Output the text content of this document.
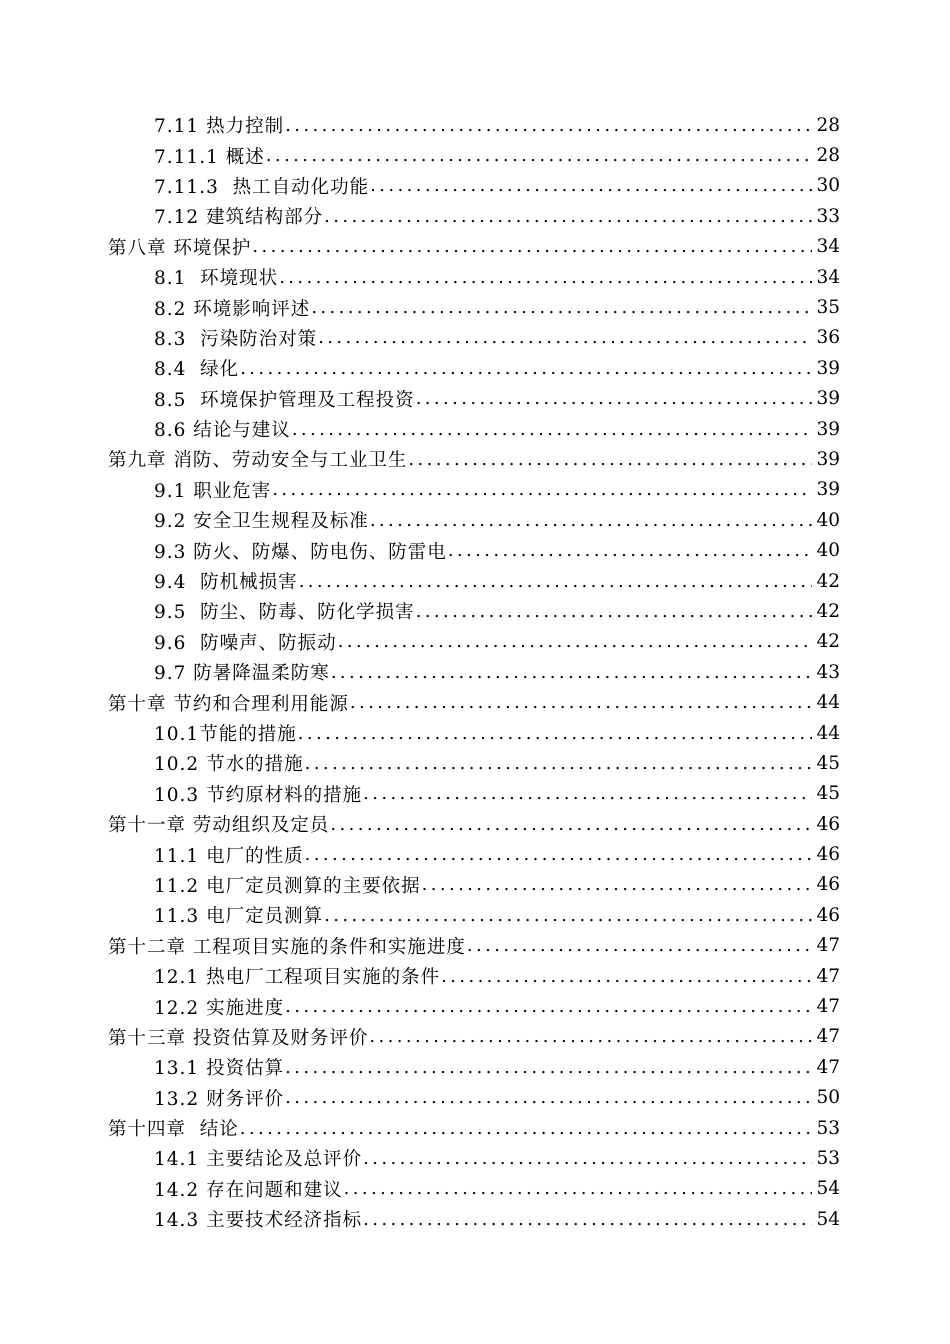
7.11 热力控制 .....	28
7.11.1 概述 .....	28
7.11.3  热工自动化功能 .....	30
7.12 建筑结构部分 .....	33
第八章 环境保护 .....	34
8.1  环境现状 .....	34
8.2 环境影响评述 .....	35
8.3  污染防治对策 .....	36
8.4  绿化 .....	39
8.5  环境保护管理及工程投资 .....	39
8.6 结论与建议 .....	39
第九章 消防、劳动安全与工业卫生 .....	39
9.1 职业危害 .....	39
9.2 安全卫生规程及标准 .....	40
9.3 防火、防爆、防电伤、防雷电 .....	40
9.4  防机械损害 .....	42
9.5  防尘、防毒、防化学损害 .....	42
9.6  防噪声、防振动 .....	42
9.7 防暑降温柔防寒 .....	43
第十章 节约和合理利用能源 .....	44
10.1节能的措施 .....	44
10.2 节水的措施 .....	45
10.3 节约原材料的措施 .....	45
第十一章 劳动组织及定员 .....	46
11.1 电厂的性质 .....	46
11.2 电厂定员测算的主要依据 .....	46
11.3 电厂定员测算 .....	46
第十二章 工程项目实施的条件和实施进度 .....	47
12.1 热电厂工程项目实施的条件 .....	47
12.2 实施进度 .....	47
第十三章 投资估算及财务评价 .....	47
13.1 投资估算 .....	47
13.2 财务评价 .....	50
第十四章  结论 .....	53
14.1 主要结论及总评价 .....	53
14.2 存在问题和建议 .....	54
14.3 主要技术经济指标 .....	54
